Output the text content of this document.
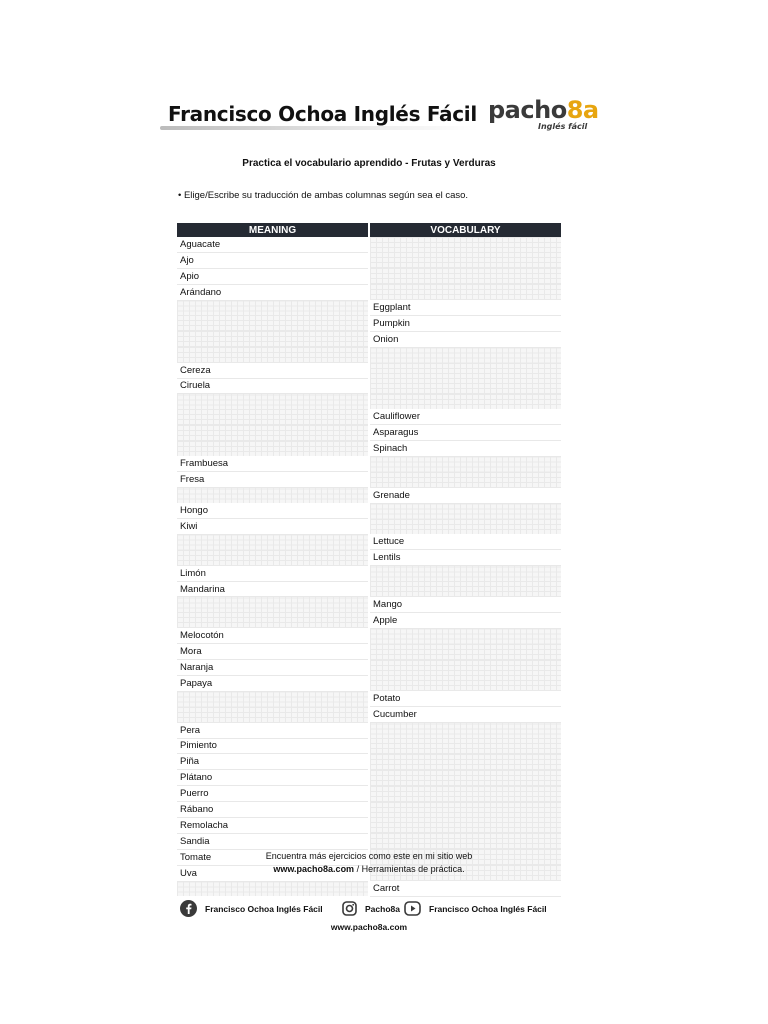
Francisco Ochoa Inglés Fácil pacho8a
Inglés fácil
Practica el vocabulario aprendido - Frutas y Verduras
• Elige/Escribe su traducción de ambas columnas según sea el caso.
MEANING	VOCABULARY
Aguacate	
Ajo	
Apio	
Arándano	
	Eggplant
	Pumpkin
	Onion

Cereza	
Ciruela	

	Cauliflower
	Asparagus
	Spinach
Frambuesa	
Fresa	
	Grenade
Hongo	
Kiwi	
	Lettuce
	Lentils
Limón	
Mandarina	
	Mango
	Apple
Melocotón	
Mora	
Naranja	
Papaya	
	Potato
	Cucumber
Pera	
Pimiento	
Piña	
Plátano	
Puerro	
Rábano	
Remolacha	
Sandia	
Tomate	
Uva	
	Carrot
Encuentra más ejercicios como este en mi sitio web
www.pacho8a.com / Herramientas de práctica.
Francisco Ochoa Inglés Fácil	Pacho8a	Francisco Ochoa Inglés Fácil
www.pacho8a.com
